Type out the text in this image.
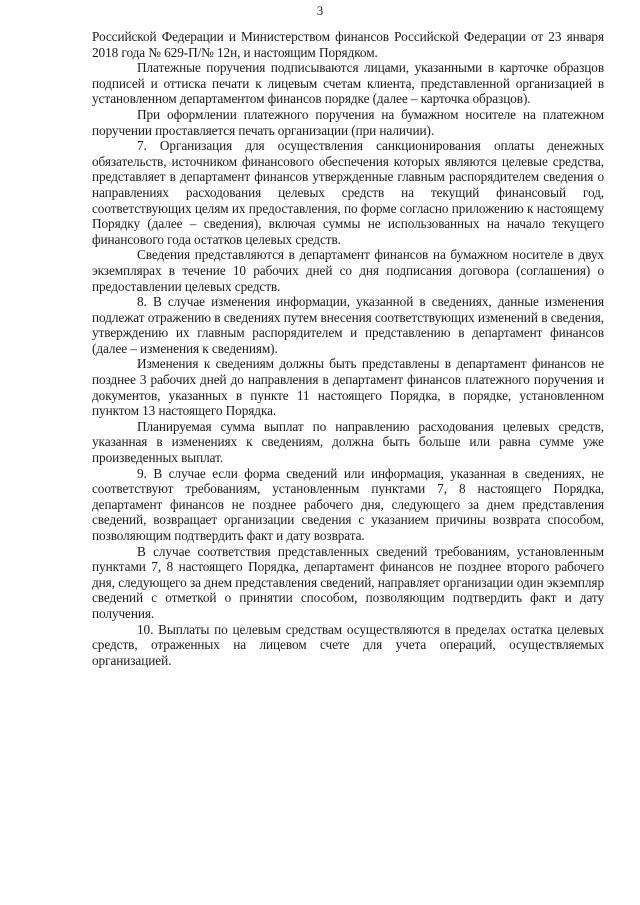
3

Российской Федерации и Министерством финансов Российской Федерации от 23 января 2018 года № 629-П/№ 12н, и настоящим Порядком.

Платежные поручения подписываются лицами, указанными в карточке образцов подписей и оттиска печати к лицевым счетам клиента, представленной организацией в установленном департаментом финансов порядке (далее – карточка образцов).

При оформлении платежного поручения на бумажном носителе на платежном поручении проставляется печать организации (при наличии).

7. Организация для осуществления санкционирования оплаты денежных обязательств, источником финансового обеспечения которых являются целевые средства, представляет в департамент финансов утвержденные главным распорядителем сведения о направлениях расходования целевых средств на текущий финансовый год, соответствующих целям их предоставления, по форме согласно приложению к настоящему Порядку (далее – сведения), включая суммы не использованных на начало текущего финансового года остатков целевых средств.

Сведения представляются в департамент финансов на бумажном носителе в двух экземплярах в течение 10 рабочих дней со дня подписания договора (соглашения) о предоставлении целевых средств.

8. В случае изменения информации, указанной в сведениях, данные изменения подлежат отражению в сведениях путем внесения соответствующих изменений в сведения, утверждению их главным распорядителем и представлению в департамент финансов (далее – изменения к сведениям).

Изменения к сведениям должны быть представлены в департамент финансов не позднее 3 рабочих дней до направления в департамент финансов платежного поручения и документов, указанных в пункте 11 настоящего Порядка, в порядке, установленном пунктом 13 настоящего Порядка.

Планируемая сумма выплат по направлению расходования целевых средств, указанная в изменениях к сведениям, должна быть больше или равна сумме уже произведенных выплат.

9. В случае если форма сведений или информация, указанная в сведениях, не соответствуют требованиям, установленным пунктами 7, 8 настоящего Порядка, департамент финансов не позднее рабочего дня, следующего за днем представления сведений, возвращает организации сведения с указанием причины возврата способом, позволяющим подтвердить факт и дату возврата.

В случае соответствия представленных сведений требованиям, установленным пунктами 7, 8 настоящего Порядка, департамент финансов не позднее второго рабочего дня, следующего за днем представления сведений, направляет организации один экземпляр сведений с отметкой о принятии способом, позволяющим подтвердить факт и дату получения.

10. Выплаты по целевым средствам осуществляются в пределах остатка целевых средств, отраженных на лицевом счете для учета операций, осуществляемых организацией.
